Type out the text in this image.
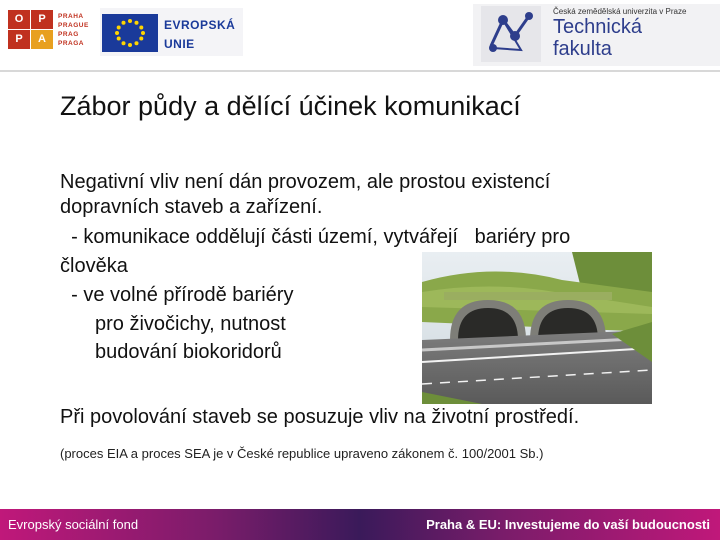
O	P
P	A
PRAHA
PRAGUE
PRAG
PRAGA
EVROPSKÁ
UNIE
Česká zemědělská univerzita v Praze
Technická
fakulta
Zábor půdy a dělící účinek komunikací
Negativní vliv není dán provozem, ale prostou existencí
dopravních staveb a zařízení.
- komunikace oddělují části území, vytvářejí   bariéry pro
člověka
- ve volné přírodě bariéry
pro živočichy, nutnost
budování biokoridorů
Při povolování staveb se posuzuje vliv na životní prostředí.
(proces EIA a proces SEA je v České republice upraveno zákonem č. 100/2001 Sb.)
Evropský sociální fond	Praha & EU: Investujeme do vaší budoucnosti
